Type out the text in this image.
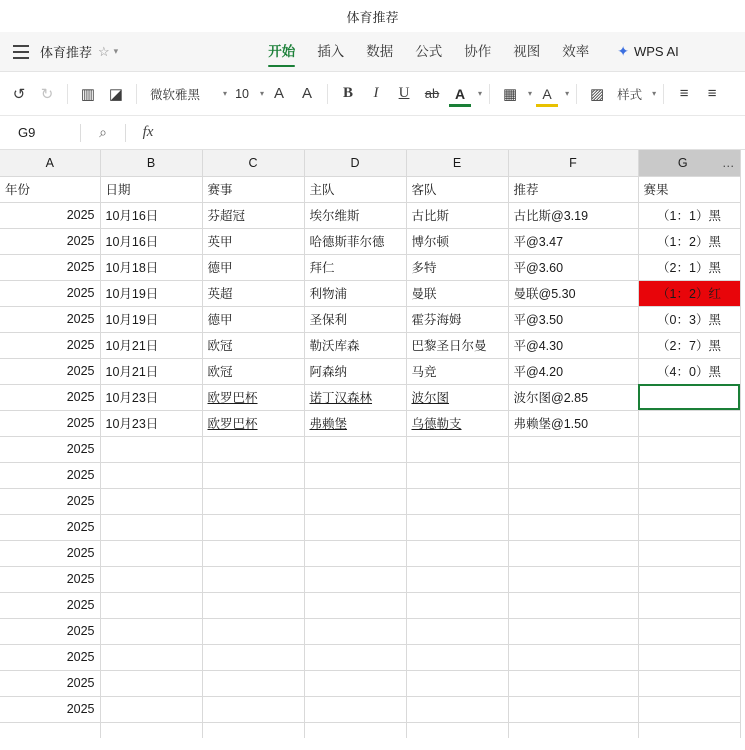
体育推荐
体育推荐 ☆ ▾	开始 插入 数据 公式 协作 视图 效率 ✦ WPS AI
↺	↻	▥ ◪	微软雅黑	▾ 10	▾ A	A	B	I	U	ab	A	▾	▦	▾ A	▾	▨	样式	▾	≡	≡
G9	⌕	fx
A	B	C	D	E	F	G …

年份	日期	赛事	主队	客队	推荐	赛果
2025	10月16日	芬超冠	埃尔维斯	古比斯	古比斯@3.19	（1：1）黑
2025	10月16日	英甲	哈德斯菲尔德	博尔顿	平@3.47	（1：2）黑
2025	10月18日	德甲	拜仁	多特	平@3.60	（2：1）黑
2025	10月19日	英超	利物浦	曼联	曼联@5.30	（1：2）红
2025	10月19日	德甲	圣保利	霍芬海姆	平@3.50	（0：3）黑
2025	10月21日	欧冠	勒沃库森	巴黎圣日尔曼	平@4.30	（2：7）黑
2025	10月21日	欧冠	阿森纳	马竞	平@4.20	（4：0）黑
2025	10月23日	欧罗巴杯	诺丁汉森林	波尔图	波尔图@2.85	
2025	10月23日	欧罗巴杯	弗赖堡	乌德勒支	弗赖堡@1.50	
2025						
2025						
2025						
2025						
2025						
2025						
2025						
2025						
2025						
2025						
2025						
